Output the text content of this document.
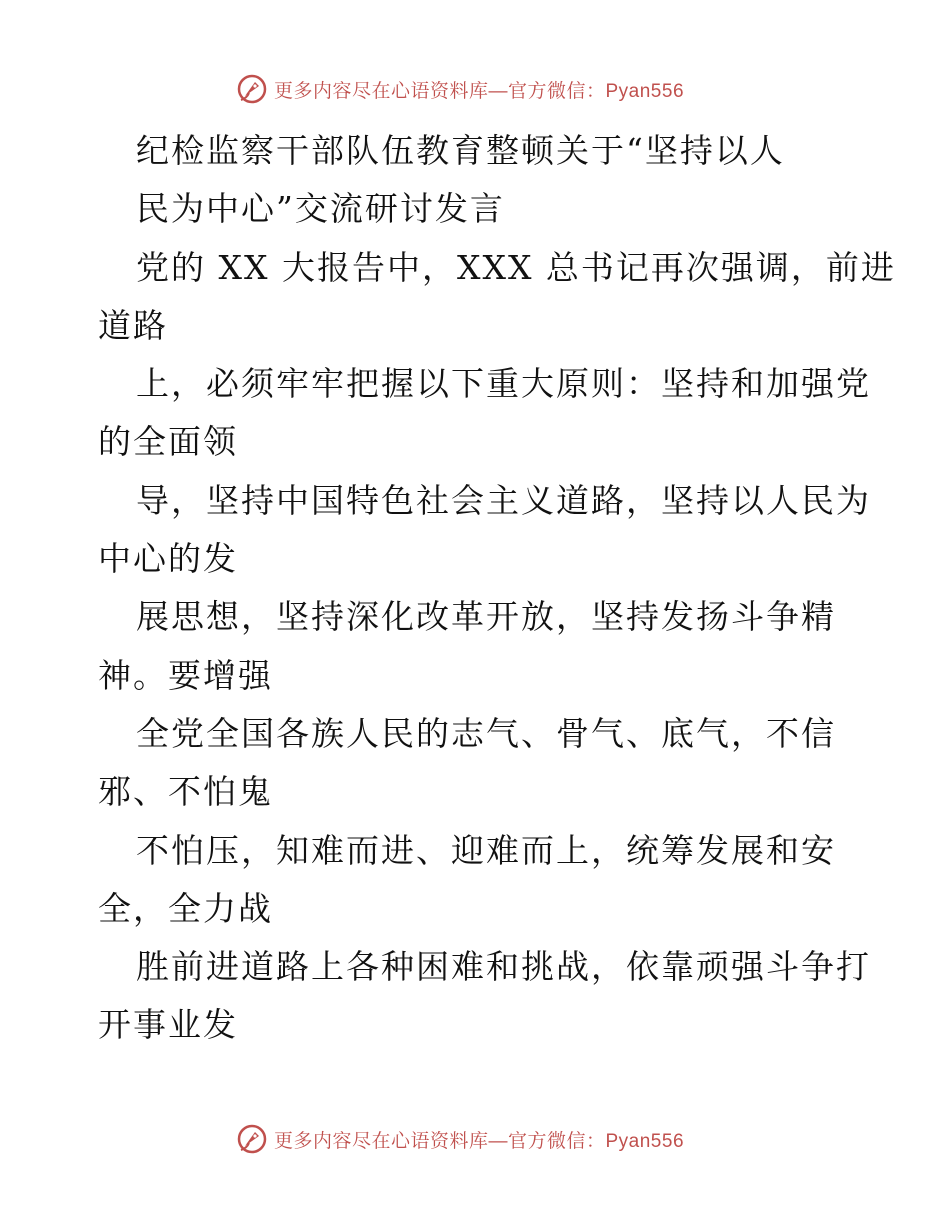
更多内容尽在心语资料库—官方微信：Pyan556
纪检监察干部队伍教育整顿关于“坚持以人
民为中心”交流研讨发言
党的 XX 大报告中，XXX 总书记再次强调，前进
道路
上，必须牢牢把握以下重大原则：坚持和加强党
的全面领
导，坚持中国特色社会主义道路，坚持以人民为
中心的发
展思想，坚持深化改革开放，坚持发扬斗争精
神。要增强
全党全国各族人民的志气、骨气、底气，不信
邪、不怕鬼
不怕压，知难而进、迎难而上，统筹发展和安
全，全力战
胜前进道路上各种困难和挑战，依靠顽强斗争打
开事业发
更多内容尽在心语资料库—官方微信：Pyan556
